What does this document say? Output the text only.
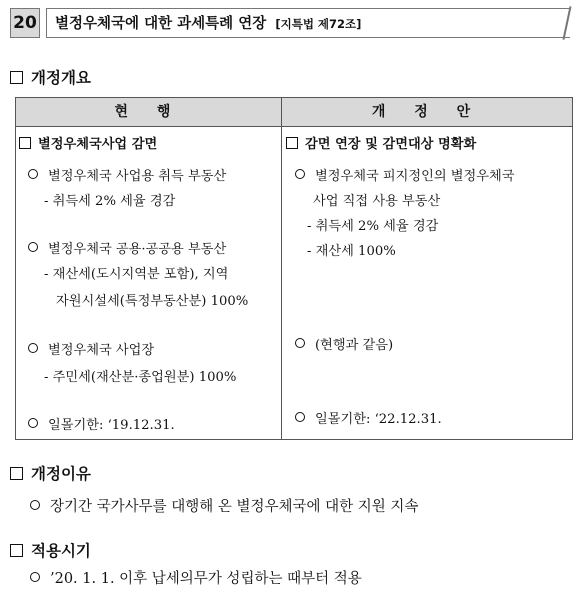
20	별정우체국에 대한 과세특례 연장 [지특법 제72조]
개정개요
현 행	개 정 안
별정우체국사업 감면
별정우체국 사업용 취득 부동산
- 취득세 2% 세율 경감
별정우체국 공용·공공용 부동산
- 재산세(도시지역분 포함), 지역
자원시설세(특정부동산분) 100%
별정우체국 사업장
- 주민세(재산분·종업원분) 100%
일몰기한: ‘19.12.31.
감면 연장 및 감면대상 명확화
별정우체국 피지정인의 별정우체국
사업 직접 사용 부동산
- 취득세 2% 세율 경감
- 재산세 100%
(현행과 같음)
일몰기한: ‘22.12.31.
개정이유
장기간 국가사무를 대행해 온 별정우체국에 대한 지원 지속
적용시기
’20. 1. 1. 이후 납세의무가 성립하는 때부터 적용
